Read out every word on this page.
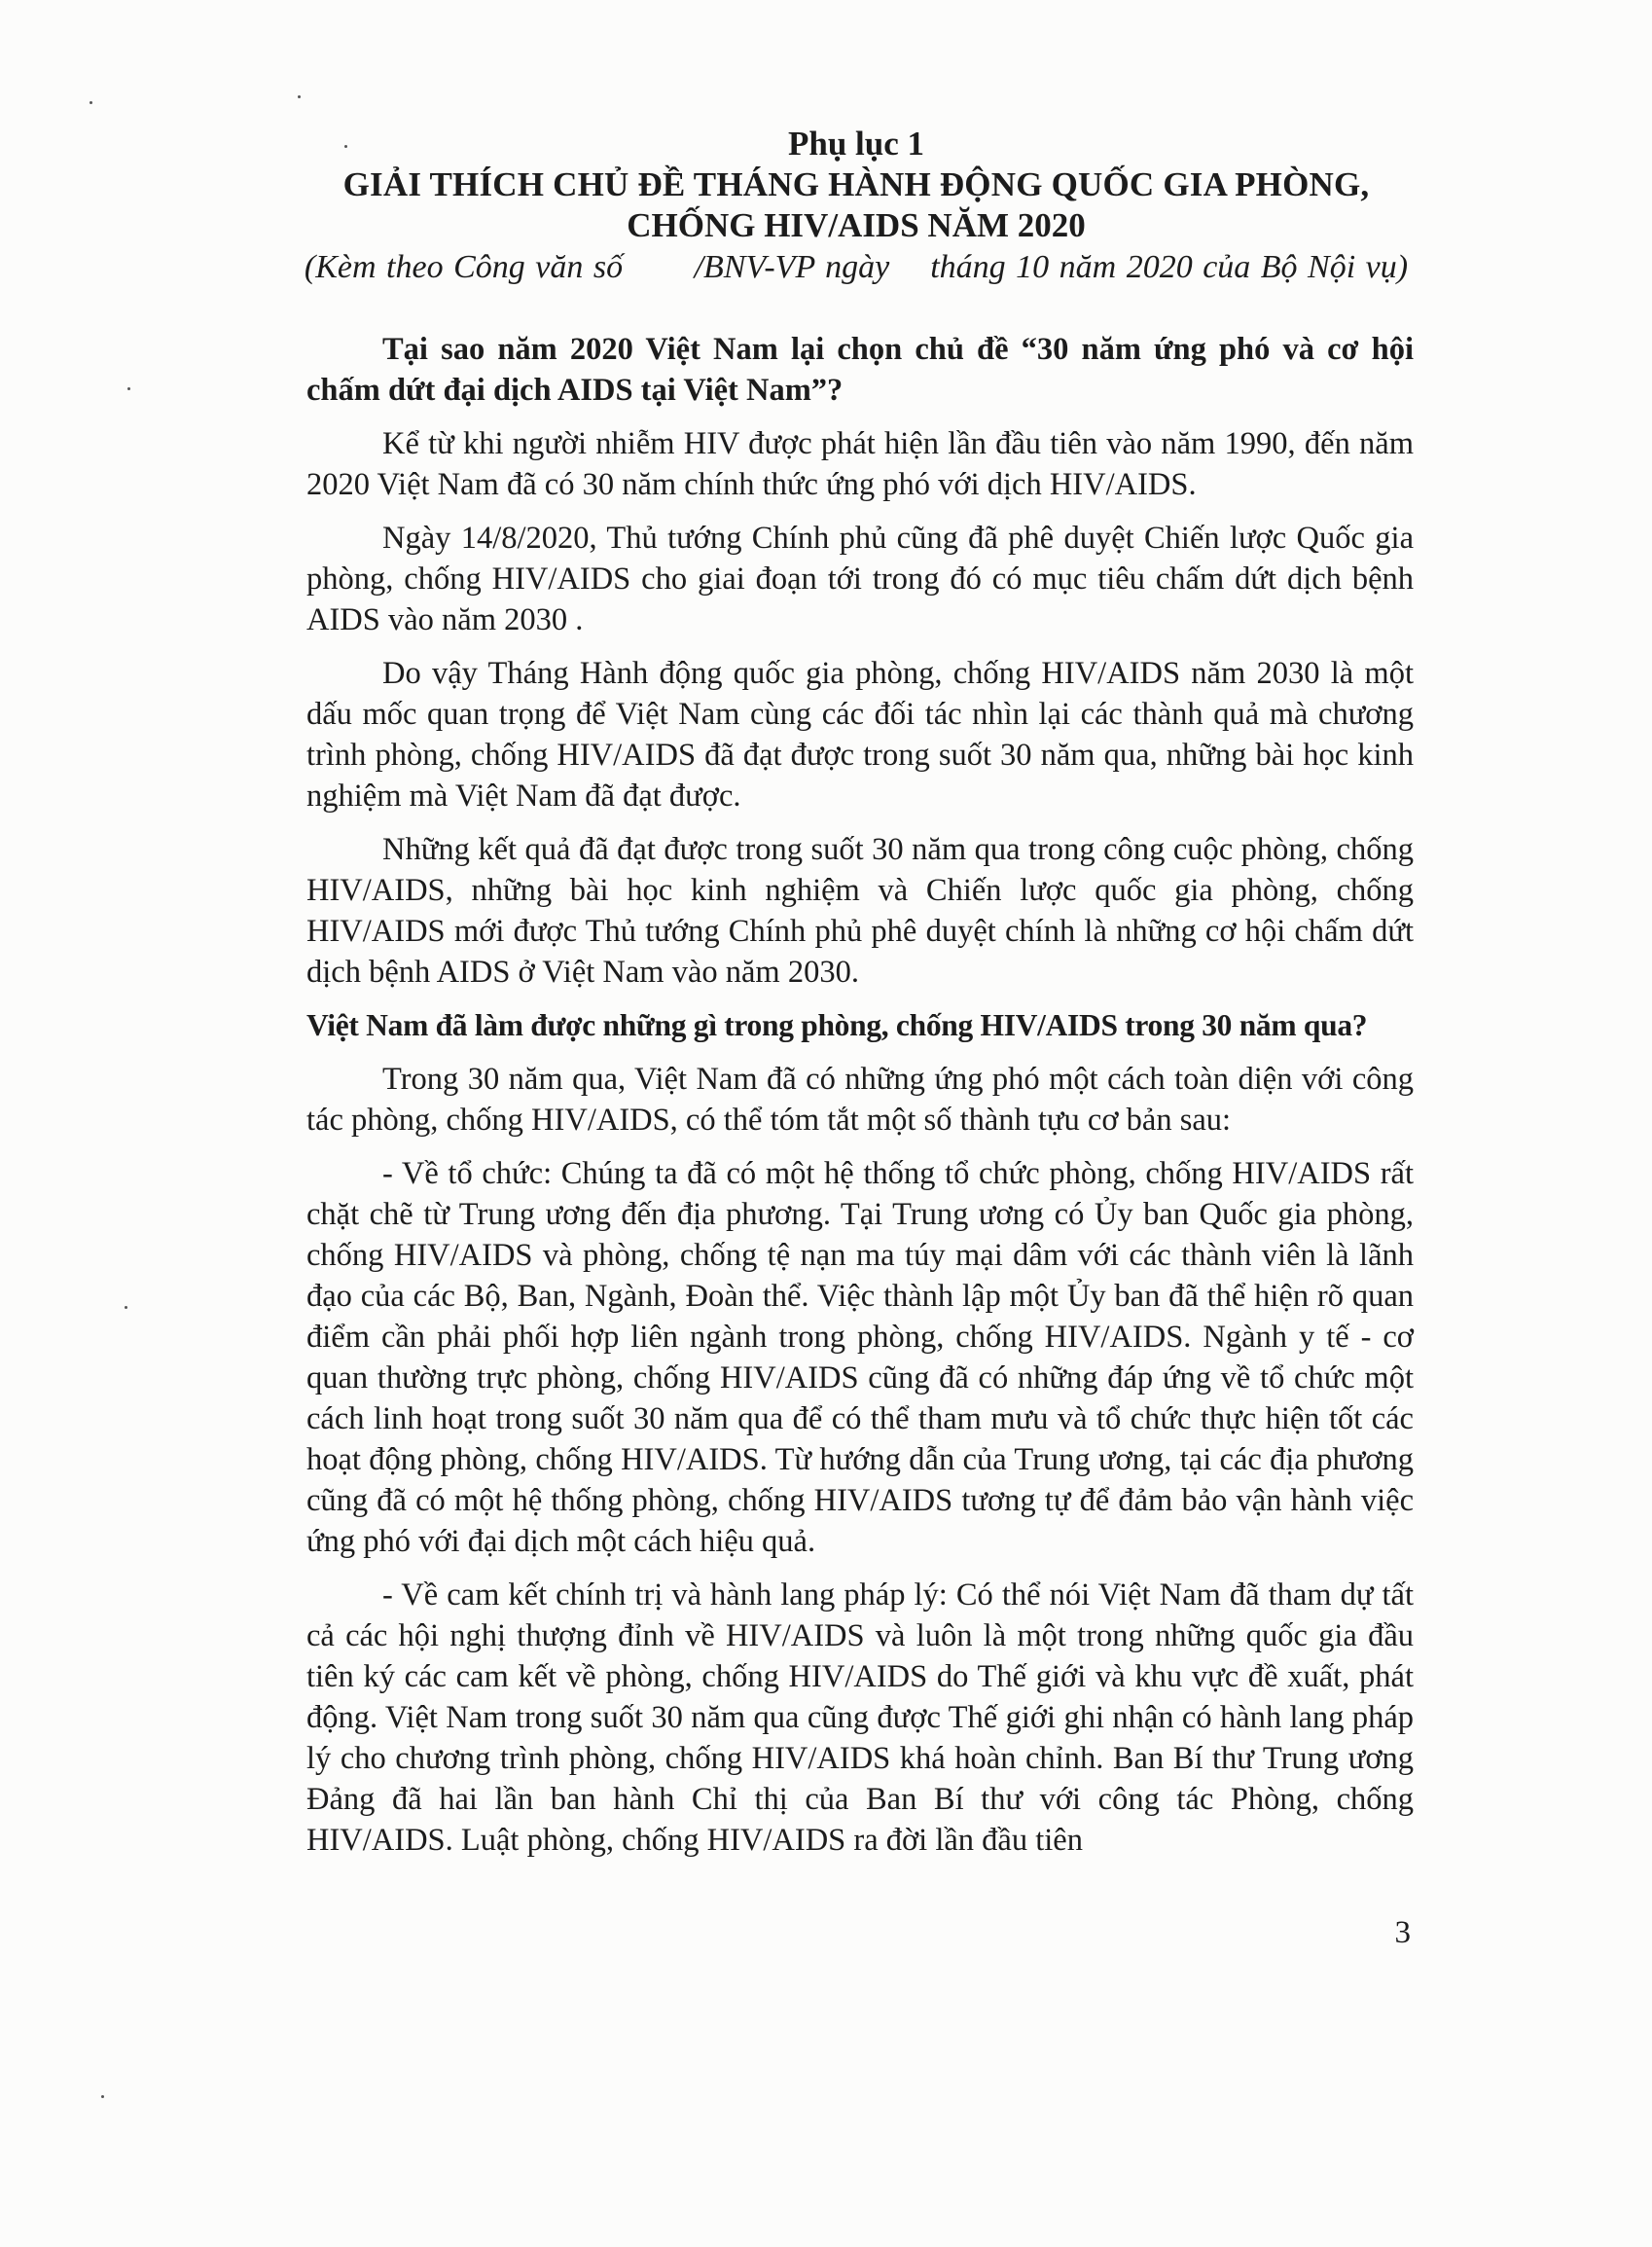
Phụ lục 1
GIẢI THÍCH CHỦ ĐỀ THÁNG HÀNH ĐỘNG QUỐC GIA PHÒNG,
CHỐNG HIV/AIDS NĂM 2020
(Kèm theo Công văn số       /BNV-VP ngày    tháng 10 năm 2020 của Bộ Nội vụ)

Tại sao năm 2020 Việt Nam lại chọn chủ đề “30 năm ứng phó và cơ hội chấm dứt đại dịch AIDS tại Việt Nam”?

Kể từ khi người nhiễm HIV được phát hiện lần đầu tiên vào năm 1990, đến năm 2020 Việt Nam đã có 30 năm chính thức ứng phó với dịch HIV/AIDS.

Ngày 14/8/2020, Thủ tướng Chính phủ cũng đã phê duyệt Chiến lược Quốc gia phòng, chống HIV/AIDS cho giai đoạn tới trong đó có mục tiêu chấm dứt dịch bệnh AIDS vào năm 2030 .

Do vậy Tháng Hành động quốc gia phòng, chống HIV/AIDS năm 2030 là một dấu mốc quan trọng để Việt Nam cùng các đối tác nhìn lại các thành quả mà chương trình phòng, chống HIV/AIDS đã đạt được trong suốt 30 năm qua, những bài học kinh nghiệm mà Việt Nam đã đạt được.

Những kết quả đã đạt được trong suốt 30 năm qua trong công cuộc phòng, chống HIV/AIDS, những bài học kinh nghiệm và Chiến lược quốc gia phòng, chống HIV/AIDS mới được Thủ tướng Chính phủ phê duyệt chính là những cơ hội chấm dứt dịch bệnh AIDS ở Việt Nam vào năm 2030.

Việt Nam đã làm được những gì trong phòng, chống HIV/AIDS trong 30 năm qua?

Trong 30 năm qua, Việt Nam đã có những ứng phó một cách toàn diện với công tác phòng, chống HIV/AIDS, có thể tóm tắt một số thành tựu cơ bản sau:

- Về tổ chức: Chúng ta đã có một hệ thống tổ chức phòng, chống HIV/AIDS rất chặt chẽ từ Trung ương đến địa phương. Tại Trung ương có Ủy ban Quốc gia phòng, chống HIV/AIDS và phòng, chống tệ nạn ma túy mại dâm với các thành viên là lãnh đạo của các Bộ, Ban, Ngành, Đoàn thể. Việc thành lập một Ủy ban đã thể hiện rõ quan điểm cần phải phối hợp liên ngành trong phòng, chống HIV/AIDS. Ngành y tế - cơ quan thường trực phòng, chống HIV/AIDS cũng đã có những đáp ứng về tổ chức một cách linh hoạt trong suốt 30 năm qua để có thể tham mưu và tổ chức thực hiện tốt các hoạt động phòng, chống HIV/AIDS. Từ hướng dẫn của Trung ương, tại các địa phương cũng đã có một hệ thống phòng, chống HIV/AIDS tương tự để đảm bảo vận hành việc ứng phó với đại dịch một cách hiệu quả.

- Về cam kết chính trị và hành lang pháp lý: Có thể nói Việt Nam đã tham dự tất cả các hội nghị thượng đỉnh về HIV/AIDS và luôn là một trong những quốc gia đầu tiên ký các cam kết về phòng, chống HIV/AIDS do Thế giới và khu vực đề xuất, phát động. Việt Nam trong suốt 30 năm qua cũng được Thế giới ghi nhận có hành lang pháp lý cho chương trình phòng, chống HIV/AIDS khá hoàn chỉnh. Ban Bí thư Trung ương Đảng đã hai lần ban hành Chỉ thị của Ban Bí thư với công tác Phòng, chống HIV/AIDS. Luật phòng, chống HIV/AIDS ra đời lần đầu tiên

3
